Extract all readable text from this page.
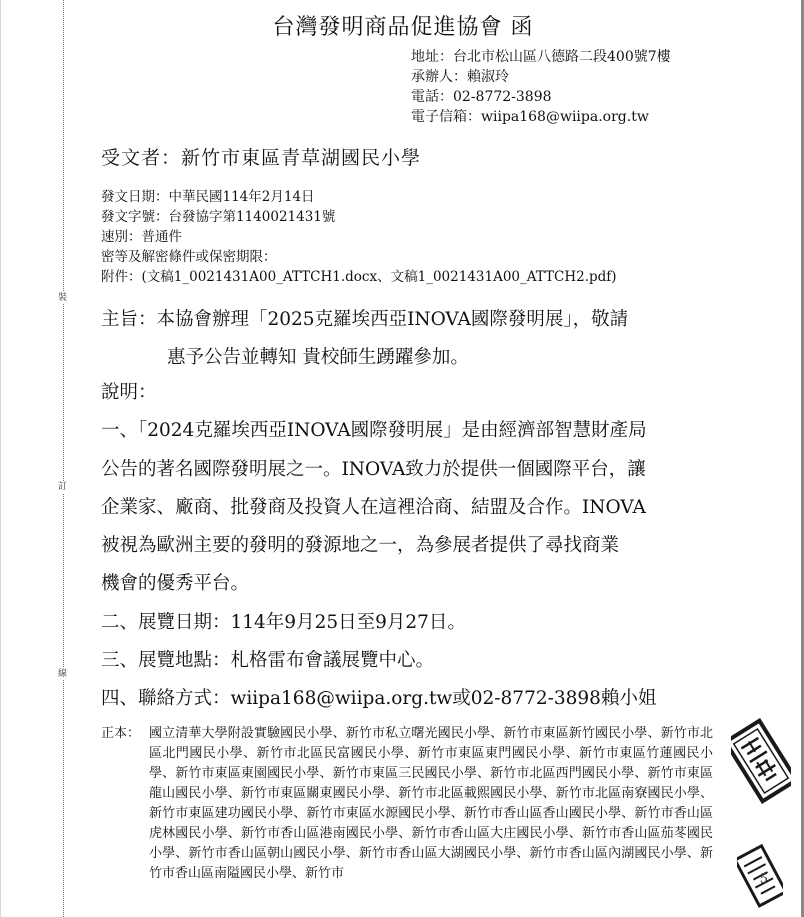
裝
訂
線
台灣發明商品促進協會 函
地址：台北市松山區八德路二段400號7樓
承辦人：賴淑玲
電話：02-8772-3898
電子信箱：wiipa168@wiipa.org.tw
受文者：新竹市東區青草湖國民小學
發文日期：中華民國114年2月14日
發文字號：台發協字第1140021431號
速別：普通件
密等及解密條件或保密期限：
附件：(文稿1_0021431A00_ATTCH1.docx、文稿1_0021431A00_ATTCH2.pdf)
主旨：本協會辦理「2025克羅埃西亞INOVA國際發明展」，敬請
惠予公告並轉知 貴校師生踴躍參加。
說明：
一、「2024克羅埃西亞INOVA國際發明展」是由經濟部智慧財產局
公告的著名國際發明展之一。INOVA致力於提供一個國際平台，讓
企業家、廠商、批發商及投資人在這裡洽商、結盟及合作。INOVA
被視為歐洲主要的發明的發源地之一，為參展者提供了尋找商業
機會的優秀平台。
二、展覽日期：114年9月25日至9月27日。
三、展覽地點：札格雷布會議展覽中心。
四、聯絡方式：wiipa168@wiipa.org.tw或02-8772-3898賴小姐
正本： 國立清華大學附設實驗國民小學、新竹市私立曙光國民小學、新竹市東區新竹國民小學、新竹市北區北門國民小學、新竹市北區民富國民小學、新竹市東區東門國民小學、新竹市東區竹蓮國民小學、新竹市東區東園國民小學、新竹市東區三民國民小學、新竹市北區西門國民小學、新竹市東區龍山國民小學、新竹市東區關東國民小學、新竹市北區載熙國民小學、新竹市北區南寮國民小學、新竹市東區建功國民小學、新竹市東區水源國民小學、新竹市香山區香山國民小學、新竹市香山區虎林國民小學、新竹市香山區港南國民小學、新竹市香山區大庄國民小學、新竹市香山區茄苳國民小學、新竹市香山區朝山國民小學、新竹市香山區大湖國民小學、新竹市香山區內湖國民小學、新竹市香山區南隘國民小學、新竹市	5
